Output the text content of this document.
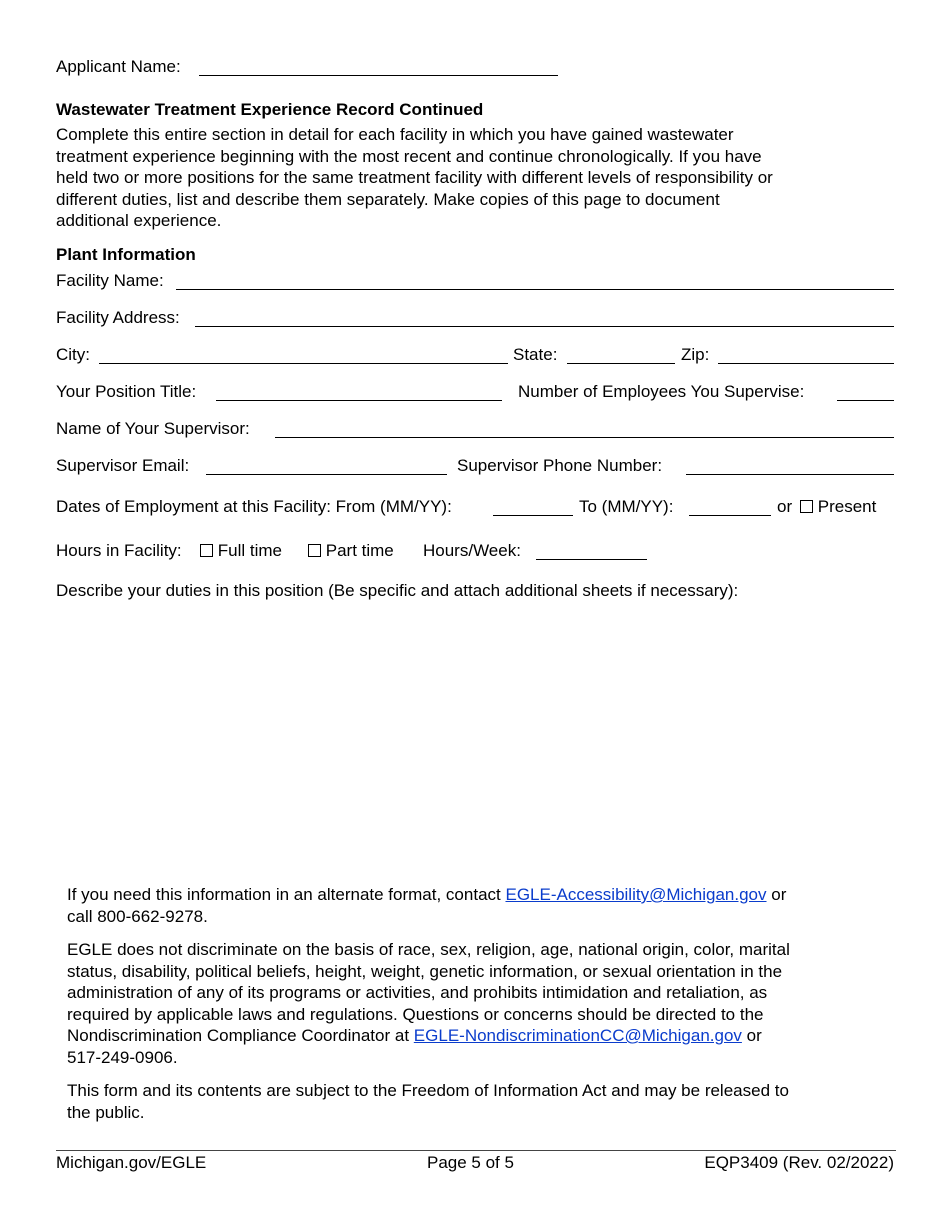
Applicant Name:
Wastewater Treatment Experience Record Continued
Complete this entire section in detail for each facility in which you have gained wastewater
treatment experience beginning with the most recent and continue chronologically. If you have
held two or more positions for the same treatment facility with different levels of responsibility or
different duties, list and describe them separately. Make copies of this page to document
additional experience.
Plant Information
Facility Name:
Facility Address:
City:	State:	Zip:
Your Position Title:	Number of Employees You Supervise:
Name of Your Supervisor:
Supervisor Email:	Supervisor Phone Number:
Dates of Employment at this Facility: From (MM/YY):	To (MM/YY):	or	Present
Hours in Facility:	Full time	Part time Hours/Week:
Describe your duties in this position (Be specific and attach additional sheets if necessary):
If you need this information in an alternate format, contact EGLE-Accessibility@Michigan.gov or
call 800-662-9278.
EGLE does not discriminate on the basis of race, sex, religion, age, national origin, color, marital
status, disability, political beliefs, height, weight, genetic information, or sexual orientation in the
administration of any of its programs or activities, and prohibits intimidation and retaliation, as
required by applicable laws and regulations. Questions or concerns should be directed to the
Nondiscrimination Compliance Coordinator at EGLE-NondiscriminationCC@Michigan.gov or
517-249-0906.
This form and its contents are subject to the Freedom of Information Act and may be released to
the public.
Michigan.gov/EGLE	Page 5 of 5	EQP3409 (Rev. 02/2022)
